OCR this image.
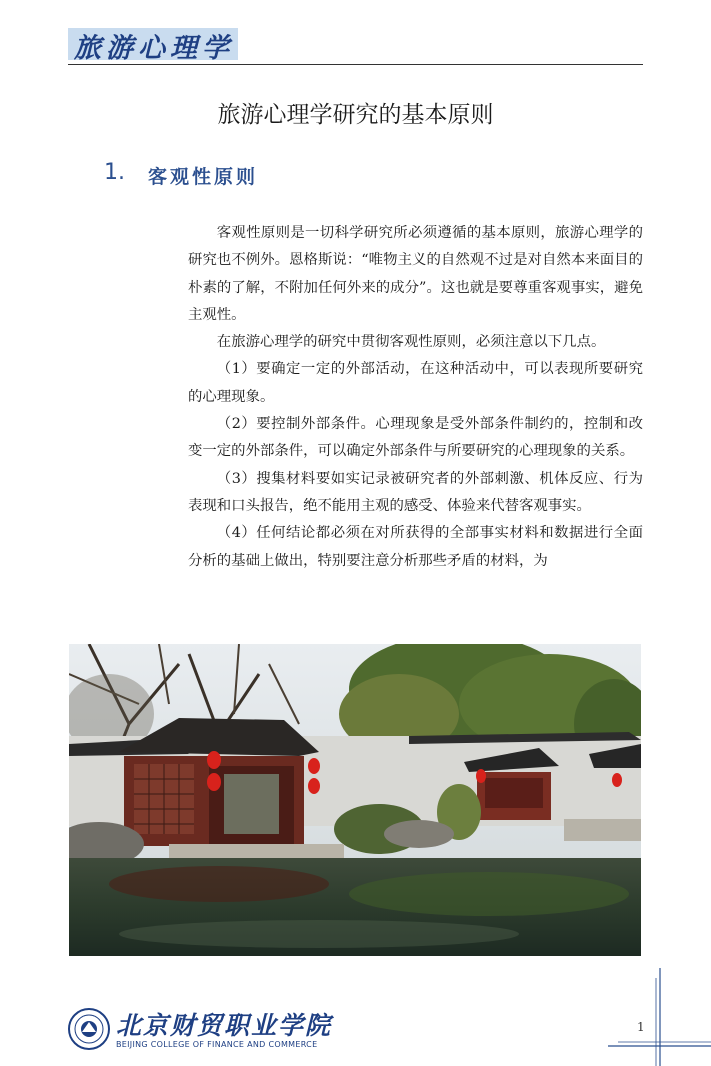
旅游心理学
旅游心理学研究的基本原则
1. 客观性原则

客观性原则是一切科学研究所必须遵循的基本原则，旅游心理学的研究也不例外。恩格斯说：“唯物主义的自然观不过是对自然本来面目的朴素的了解，不附加任何外来的成分”。这也就是要尊重客观事实，避免主观性。

在旅游心理学的研究中贯彻客观性原则，必须注意以下几点。

（1）要确定一定的外部活动，在这种活动中，可以表现所要研究的心理现象。

（2）要控制外部条件。心理现象是受外部条件制约的，控制和改变一定的外部条件，可以确定外部条件与所要研究的心理现象的关系。

（3）搜集材料要如实记录被研究者的外部刺激、机体反应、行为表现和口头报告，绝不能用主观的感受、体验来代替客观事实。

（4）任何结论都必须在对所获得的全部事实材料和数据进行全面分析的基础上做出，特别要注意分析那些矛盾的材料，为

北京财贸职业学院
BEIJING COLLEGE OF FINANCE AND COMMERCE
1
